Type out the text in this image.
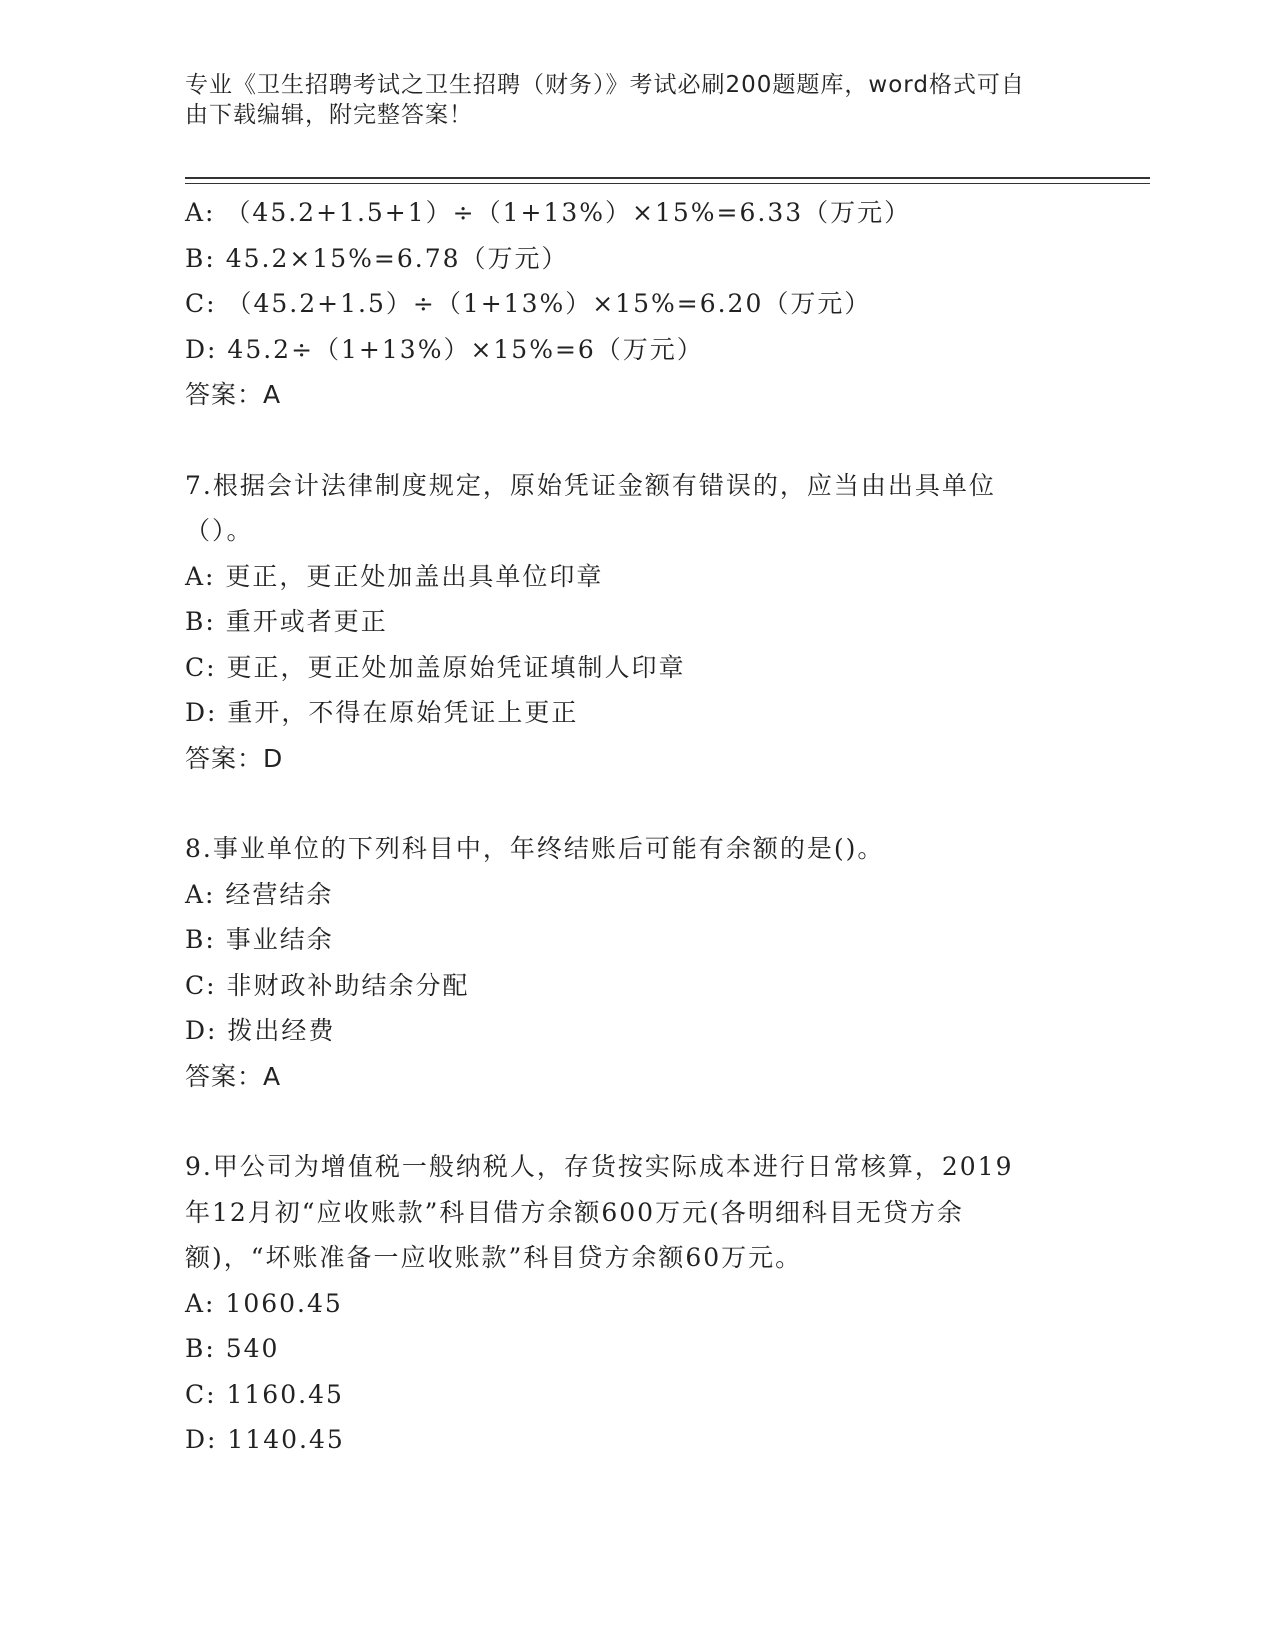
专业《卫生招聘考试之卫生招聘（财务）》考试必刷200题题库，word格式可自
由下载编辑，附完整答案！
A: （45.2+1.5+1）÷（1+13%）×15%=6.33（万元）
B: 45.2×15%=6.78（万元）
C: （45.2+1.5）÷（1+13%）×15%=6.20（万元）
D: 45.2÷（1+13%）×15%=6（万元）
答案：A
7.根据会计法律制度规定，原始凭证金额有错误的，应当由出具单位
（）。
A: 更正，更正处加盖出具单位印章
B: 重开或者更正
C: 更正，更正处加盖原始凭证填制人印章
D: 重开，不得在原始凭证上更正
答案：D
8.事业单位的下列科目中，年终结账后可能有余额的是()。
A: 经营结余
B: 事业结余
C: 非财政补助结余分配
D: 拨出经费
答案：A
9.甲公司为增值税一般纳税人，存货按实际成本进行日常核算，2019
年12月初“应收账款”科目借方余额600万元(各明细科目无贷方余
额)，“坏账准备一应收账款”科目贷方余额60万元。
A: 1060.45
B: 540
C: 1160.45
D: 1140.45
